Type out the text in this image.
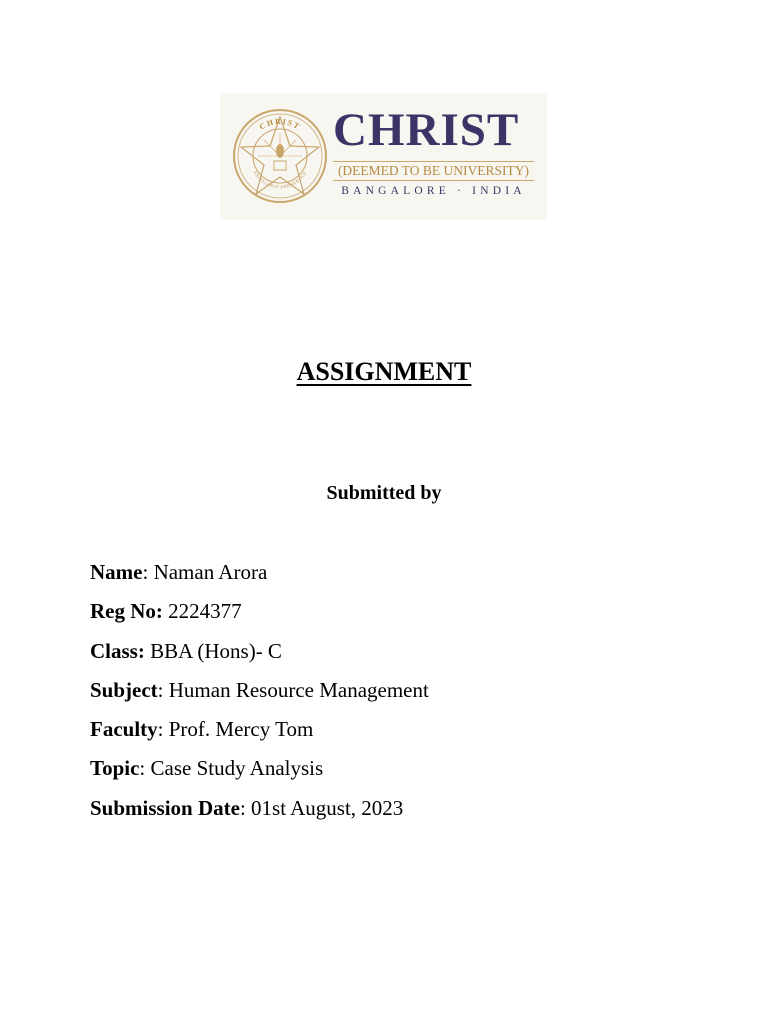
CHRIST
EXCELLENCE AND SERVICE
CHRIST
(DEEMED TO BE UNIVERSITY)
BANGALORE · INDIA
ASSIGNMENT
Submitted by
Name: Naman Arora
Reg No: 2224377
Class: BBA (Hons)- C
Subject: Human Resource Management
Faculty: Prof. Mercy Tom
Topic: Case Study Analysis
Submission Date: 01st August, 2023
